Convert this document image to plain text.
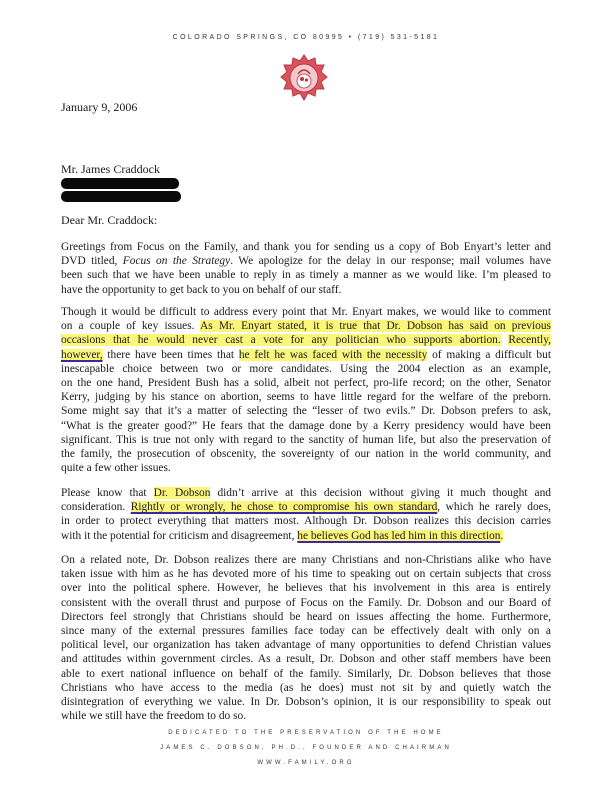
COLORADO SPRINGS, CO 80995 • (719) 531-5181
January 9, 2006
Mr. James Craddock
Dear Mr. Craddock:
Greetings from Focus on the Family, and thank you for sending us a copy of Bob Enyart’s letter and
DVD titled, Focus on the Strategy. We apologize for the delay in our response; mail volumes have
been such that we have been unable to reply in as timely a manner as we would like. I’m pleased to
have the opportunity to get back to you on behalf of our staff.
Though it would be difficult to address every point that Mr. Enyart makes, we would like to comment
on a couple of key issues. As Mr. Enyart stated, it is true that Dr. Dobson has said on previous
occasions that he would never cast a vote for any politician who supports abortion. Recently,
however, there have been times that he felt he was faced with the necessity of making a difficult but
inescapable choice between two or more candidates. Using the 2004 election as an example,
on the one hand, President Bush has a solid, albeit not perfect, pro-life record; on the other, Senator
Kerry, judging by his stance on abortion, seems to have little regard for the welfare of the preborn.
Some might say that it’s a matter of selecting the “lesser of two evils.” Dr. Dobson prefers to ask,
“What is the greater good?” He fears that the damage done by a Kerry presidency would have been
significant. This is true not only with regard to the sanctity of human life, but also the preservation of
the family, the prosecution of obscenity, the sovereignty of our nation in the world community, and
quite a few other issues.
Please know that Dr. Dobson didn’t arrive at this decision without giving it much thought and
consideration. Rightly or wrongly, he chose to compromise his own standard, which he rarely does,
in order to protect everything that matters most. Although Dr. Dobson realizes this decision carries
with it the potential for criticism and disagreement, he believes God has led him in this direction.
On a related note, Dr. Dobson realizes there are many Christians and non-Christians alike who have
taken issue with him as he has devoted more of his time to speaking out on certain subjects that cross
over into the political sphere. However, he believes that his involvement in this area is entirely
consistent with the overall thrust and purpose of Focus on the Family. Dr. Dobson and our Board of
Directors feel strongly that Christians should be heard on issues affecting the home. Furthermore,
since many of the external pressures families face today can be effectively dealt with only on a
political level, our organization has taken advantage of many opportunities to defend Christian values
and attitudes within government circles. As a result, Dr. Dobson and other staff members have been
able to exert national influence on behalf of the family. Similarly, Dr. Dobson believes that those
Christians who have access to the media (as he does) must not sit by and quietly watch the
disintegration of everything we value. In Dr. Dobson’s opinion, it is our responsibility to speak out
while we still have the freedom to do so.
DEDICATED TO THE PRESERVATION OF THE HOME
JAMES C. DOBSON, PH.D., FOUNDER AND CHAIRMAN
WWW.FAMILY.ORG
